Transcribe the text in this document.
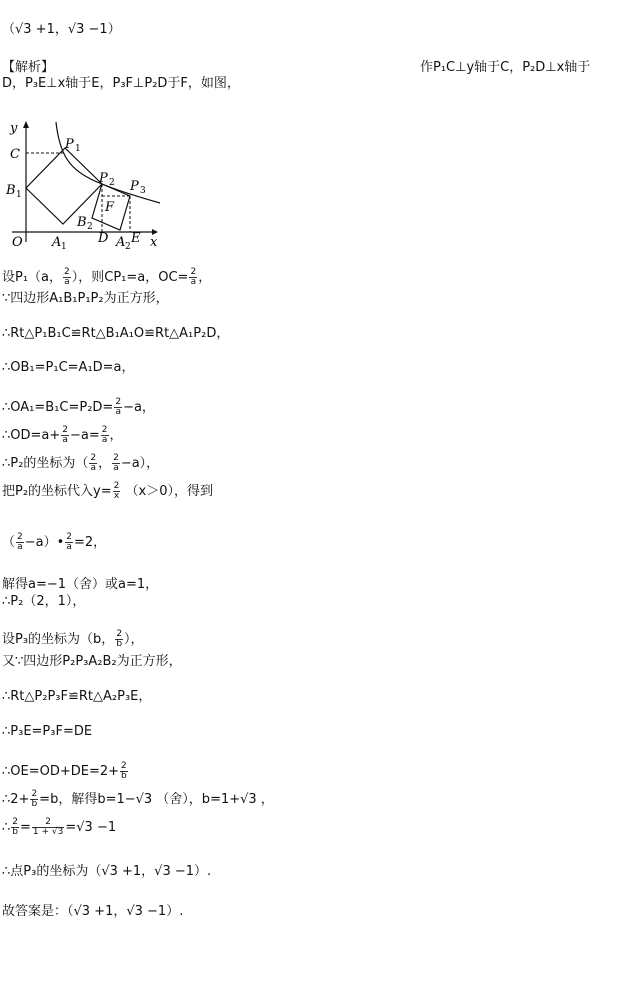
（√3 +1，√3 −1）
【解析】	作P₁C⊥y轴于C，P₂D⊥x轴于
D，P₃E⊥x轴于E，P₃F⊥P₂D于F，如图，
y
x
O
C
B 1
P 1
P 2 P 3
F
B 2
A 1
D A 2
E
设P₁（a， $\frac{2}{a}$ ），则CP₁=a，$OC= \frac{2}{a}$ ，
∵四边形A₁B₁P₁P₂为正方形，
∴Rt△P₁B₁C≌Rt△B₁A₁O≌Rt△A₁P₂D，
∴OB₁=P₁C=A₁D=a，
∴OA₁=B₁C=P₂D= $\frac{2}{a} -a$，
∴OD=a+ $\frac{2}{a} -a= \frac{2}{a}$ ，
∴P₂的坐标为（ $\frac{2}{a}$ ， $\frac{2}{a} -a$），
把P₂的坐标代入$y= \frac{2}{x} (x>0)$，得到
（ $\frac{2}{a}$ −a）• $\frac{2}{a} =2$，
解得a=−1（舍）或a=1，
∴P₂（2，1），
设P₃的坐标为（b， $\frac{2}{b}$ ），
又∵四边形P₂P₃A₂B₂为正方形，
∴Rt△P₂P₃F≌Rt△A₂P₃E，
∴P₃E=P₃F=DE
∴OE=OD+DE=2+ $\frac{2}{b}$
∴2+ $\frac{2}{b} =b$，解得b=1−√3 （舍），b=1+√3 ，
∴ $\frac{2}{b} = \frac{2}{1 + √3} =√3 -1$
∴点P₃的坐标为（√3 +1，√3 −1）.
故答案是：（√3 +1，√3 −1）.
